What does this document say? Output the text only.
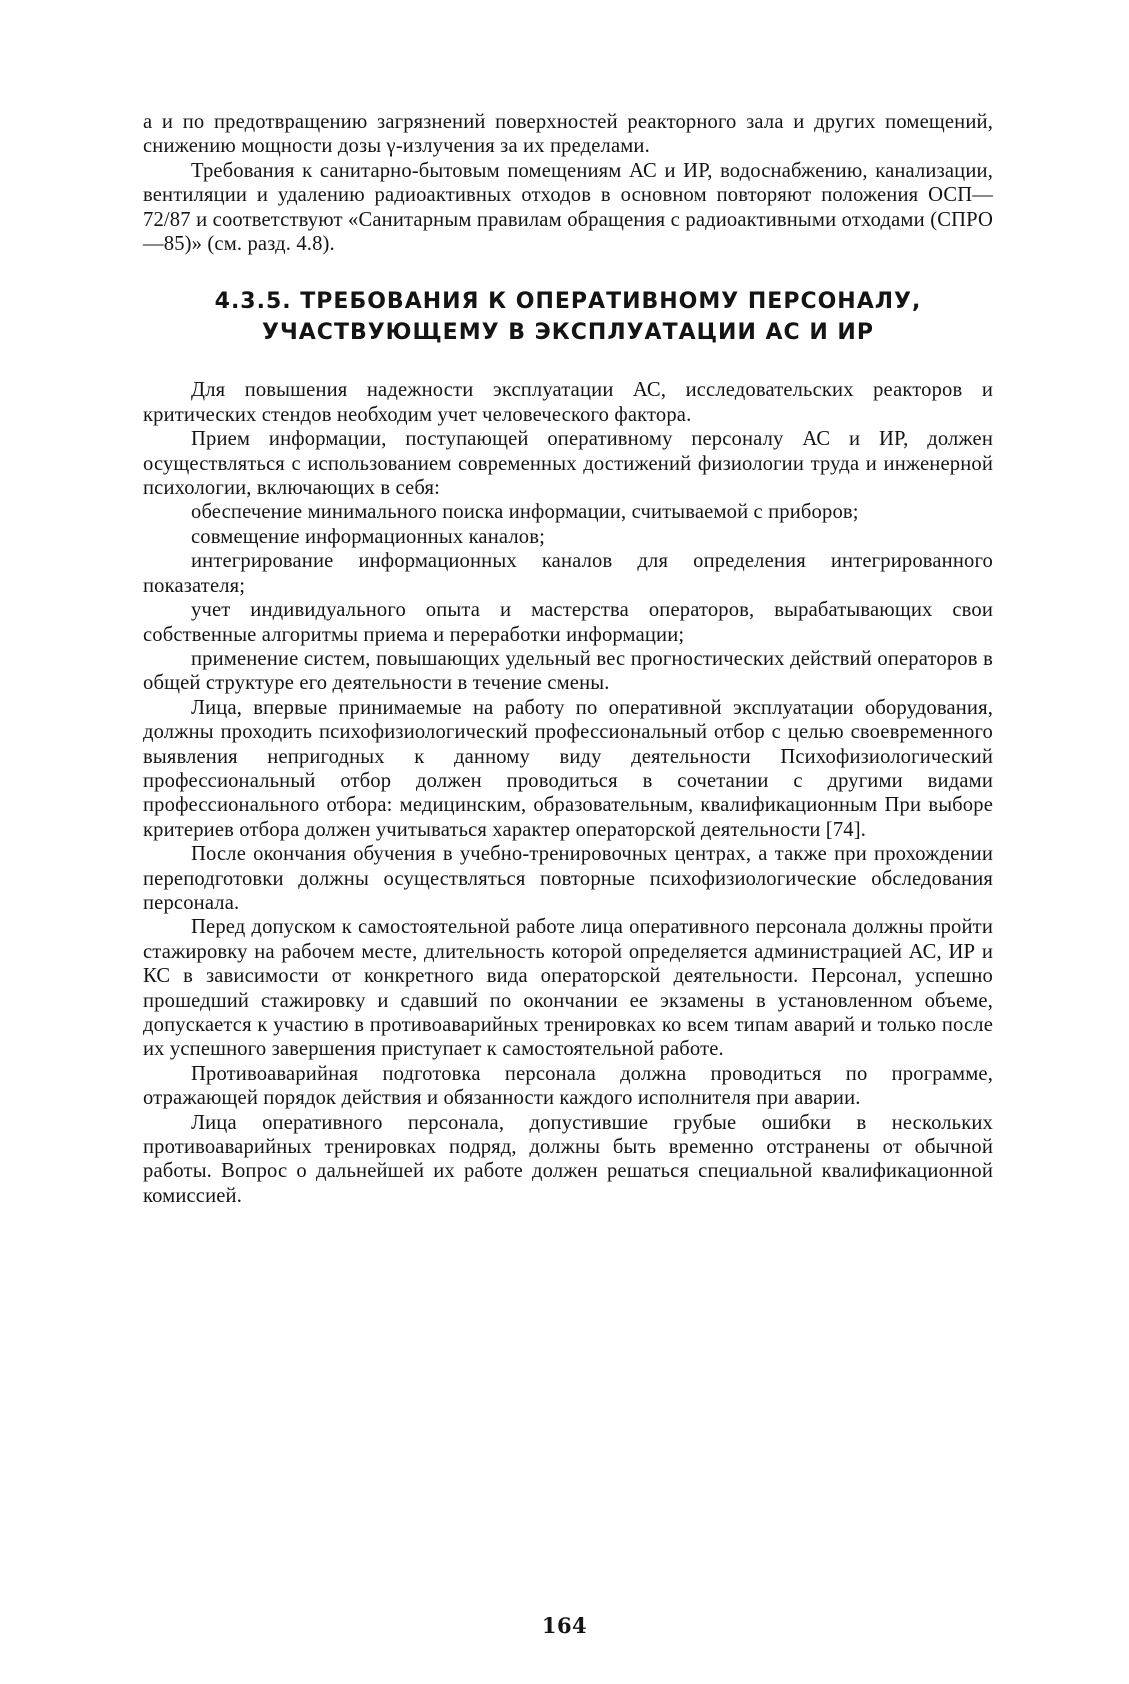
а и по предотвращению загрязнений поверхностей реакторного зала и других помещений, снижению мощности дозы γ-излучения за их пределами.

Требования к санитарно-бытовым помещениям АС и ИР, водоснабжению, канализации, вентиляции и удалению радиоактивных отходов в основном повторяют положения ОСП—72/87 и соответствуют «Санитарным правилам обращения с радиоактивными отходами (СПРО—85)» (см. разд. 4.8).

4.3.5. ТРЕБОВАНИЯ К ОПЕРАТИВНОМУ ПЕРСОНАЛУ,
УЧАСТВУЮЩЕМУ В ЭКСПЛУАТАЦИИ АС И ИР

Для повышения надежности эксплуатации АС, исследовательских реакторов и критических стендов необходим учет человеческого фактора.

Прием информации, поступающей оперативному персоналу АС и ИР, должен осуществляться с использованием современных достижений физиологии труда и инженерной психологии, включающих в себя:

обеспечение минимального поиска информации, считываемой с приборов;

совмещение информационных каналов;

интегрирование информационных каналов для определения интегрированного показателя;

учет индивидуального опыта и мастерства операторов, вырабатывающих свои собственные алгоритмы приема и переработки информации;

применение систем, повышающих удельный вес прогностических действий операторов в общей структуре его деятельности в течение смены.

Лица, впервые принимаемые на работу по оперативной эксплуатации оборудования, должны проходить психофизиологический профессиональный отбор с целью своевременного выявления непригодных к данному виду деятельности Психофизиологический профессиональный отбор должен проводиться в сочетании с другими видами профессионального отбора: медицинским, образовательным, квалификационным При выборе критериев отбора должен учитываться характер операторской деятельности [74].

После окончания обучения в учебно-тренировочных центрах, а также при прохождении переподготовки должны осуществляться повторные психофизиологические обследования персонала.

Перед допуском к самостоятельной работе лица оперативного персонала должны пройти стажировку на рабочем месте, длительность которой определяется администрацией АС, ИР и КС в зависимости от конкретного вида операторской деятельности. Персонал, успешно прошедший стажировку и сдавший по окончании ее экзамены в установленном объеме, допускается к участию в противоаварийных тренировках ко всем типам аварий и только после их успешного завершения приступает к самостоятельной работе.

Противоаварийная подготовка персонала должна проводиться по программе, отражающей порядок действия и обязанности каждого исполнителя при аварии.

Лица оперативного персонала, допустившие грубые ошибки в нескольких противоаварийных тренировках подряд, должны быть временно отстранены от обычной работы. Вопрос о дальнейшей их работе должен решаться специальной квалификационной комиссией.

164
